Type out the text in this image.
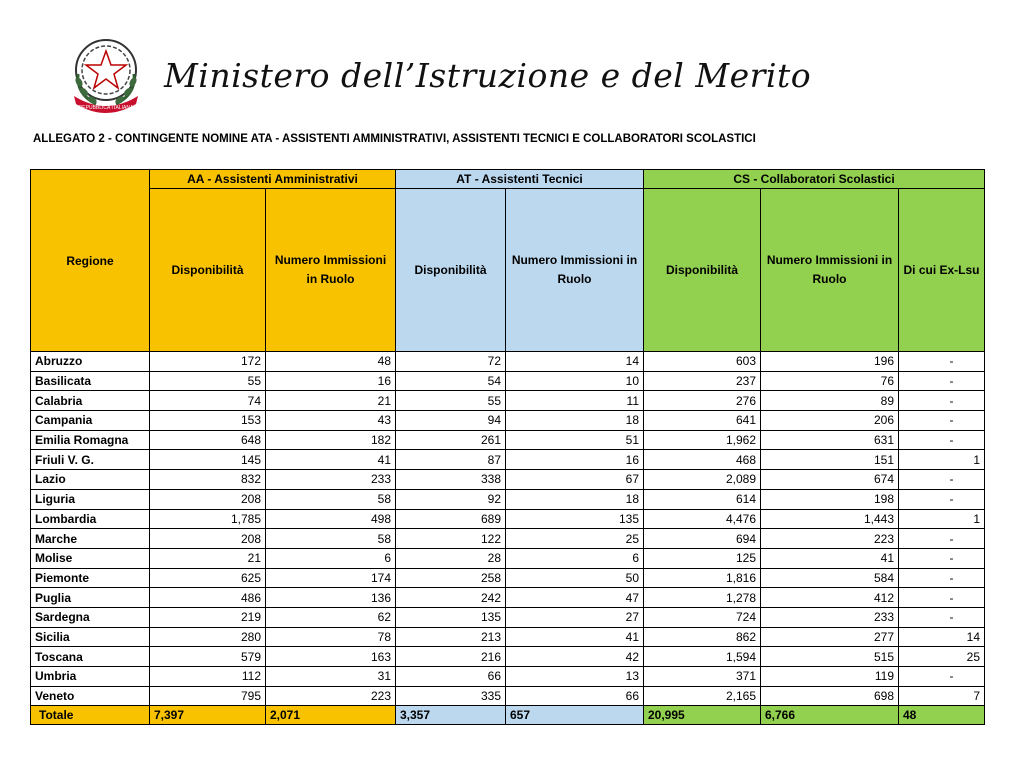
REPUBBLICA ITALIANA
Ministero dell’Istruzione e del Merito
ALLEGATO 2 - CONTINGENTE NOMINE ATA - ASSISTENTI AMMINISTRATIVI, ASSISTENTI TECNICI E COLLABORATORI SCOLASTICI
Regione	AA - Assistenti Amministrativi		AT - Assistenti Tecnici		CS - Collaboratori Scolastici		
	Disponibilità	Numero Immissioni in Ruolo	Disponibilità	Numero Immissioni in Ruolo	Disponibilità	Numero Immissioni in Ruolo	Di cui Ex-Lsu
Abruzzo	172	48	72	14	603	196	-
Basilicata	55	16	54	10	237	76	-
Calabria	74	21	55	11	276	89	-
Campania	153	43	94	18	641	206	-
Emilia Romagna	648	182	261	51	1,962	631	-
Friuli V. G.	145	41	87	16	468	151	1
Lazio	832	233	338	67	2,089	674	-
Liguria	208	58	92	18	614	198	-
Lombardia	1,785	498	689	135	4,476	1,443	1
Marche	208	58	122	25	694	223	-
Molise	21	6	28	6	125	41	-
Piemonte	625	174	258	50	1,816	584	-
Puglia	486	136	242	47	1,278	412	-
Sardegna	219	62	135	27	724	233	-
Sicilia	280	78	213	41	862	277	14
Toscana	579	163	216	42	1,594	515	25
Umbria	112	31	66	13	371	119	-
Veneto	795	223	335	66	2,165	698	7
Totale	7,397	2,071	3,357	657	20,995	6,766	48
